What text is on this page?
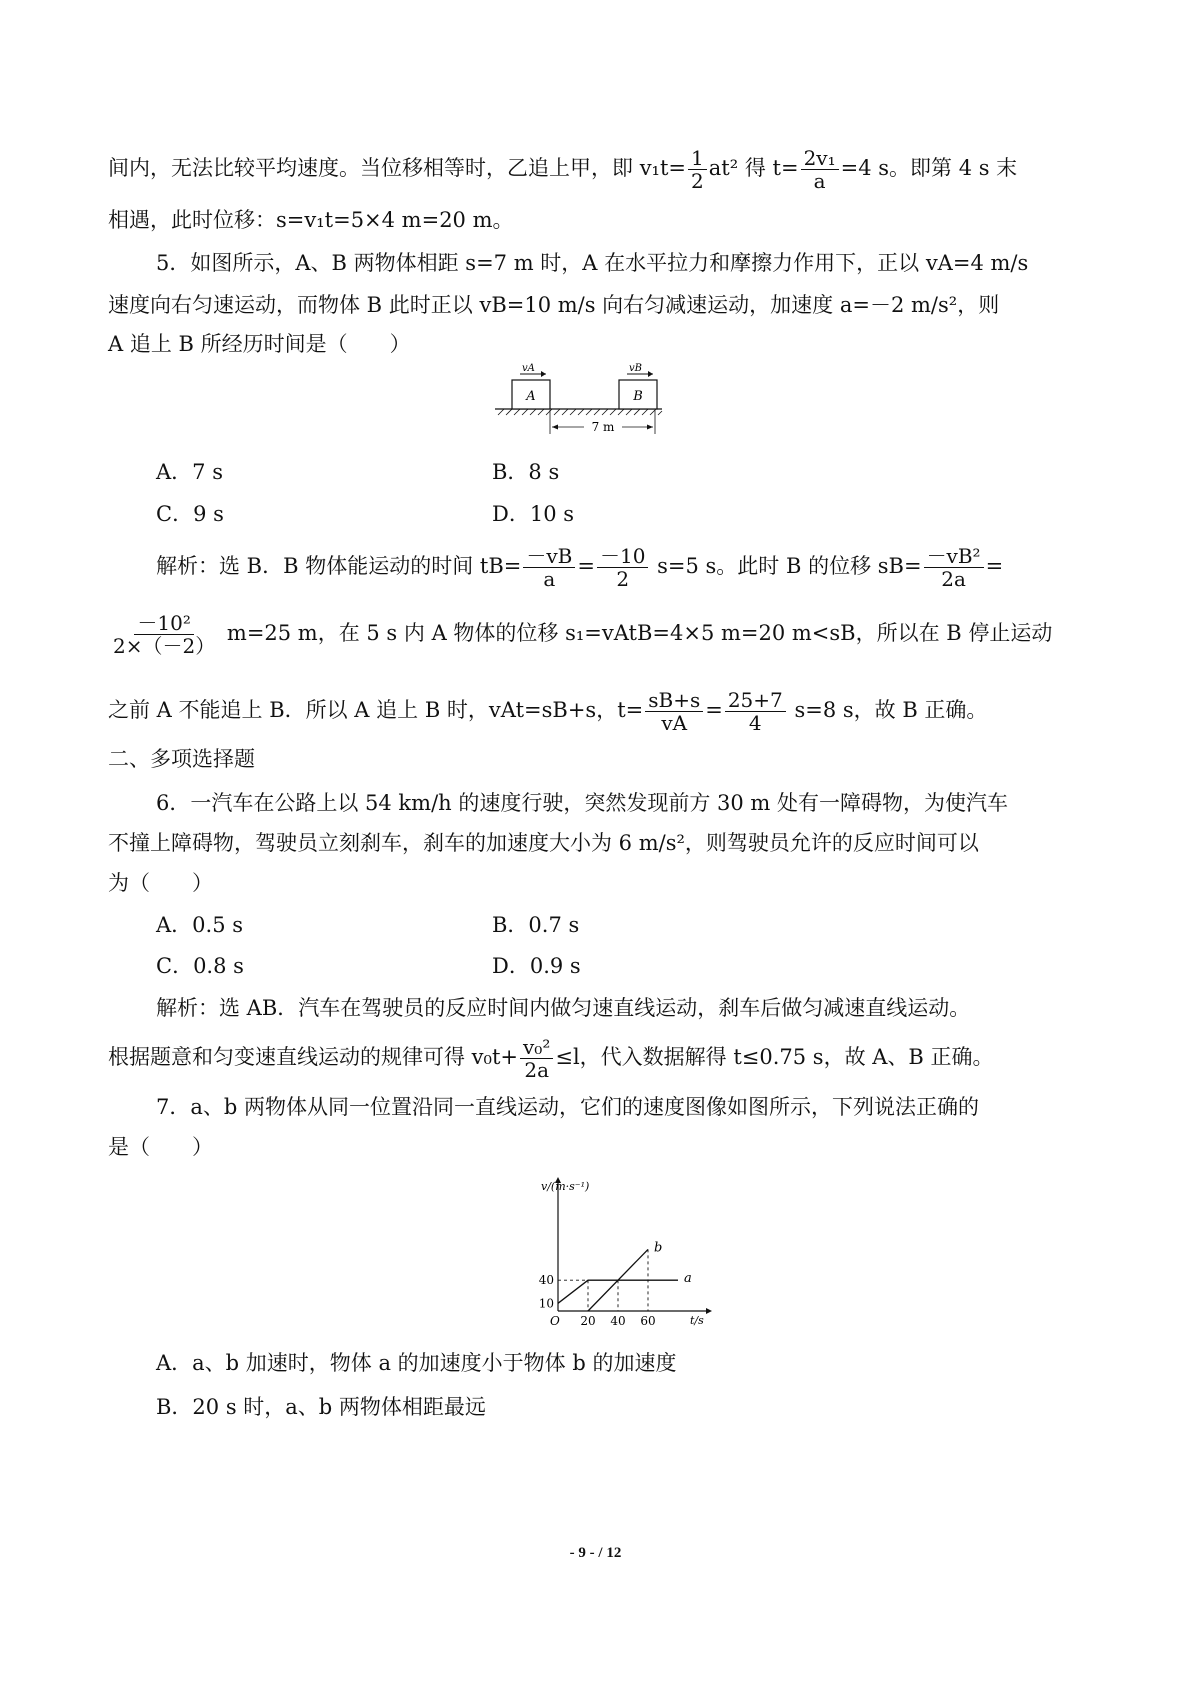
间内，无法比较平均速度。当位移相等时，乙追上甲，即 $v_1t= \frac{1}{2} at^2$ 得 $t= \frac{\text{2v₁}}{a} =4$ s。即第 4 s 末
相遇，此时位移：s=v₁t=5×4 m=20 m。
5．如图所示，A、B 两物体相距 s=7 m 时，A 在水平拉力和摩擦力作用下，正以 vA=4 m/s
速度向右匀速运动，而物体 B 此时正以 vB=10 m/s 向右匀减速运动，加速度 a=－2 m/s²，则
A 追上 B 所经历时间是（　　）
A	B
vA	vB
7 m
A．7 s	B．8 s
C．9 s	D．10 s
解析：选 B．B 物体能运动的时间 $tB= \frac{-vB}{a} = \frac{-10}{2} s=5$ s。此时 B 的位移 $sB= \frac{\text{－vB²}}{2a}$ =
$\frac{\text{－10²}}{2\times(-2)} m=25$ m，在 5 s 内 A 物体的位移 s₁=vAtB=4×5 m=20 m<sB，所以在 B 停止运动
之前 A 不能追上 B．所以 A 追上 B 时，vAt=sB+s，$t= \frac{sB+s}{vA} = \frac{25+7}{4} s=8$ s，故 B 正确。
二、多项选择题
6．一汽车在公路上以 54 km/h 的速度行驶，突然发现前方 30 m 处有一障碍物，为使汽车
不撞上障碍物，驾驶员立刻刹车，刹车的加速度大小为 6 m/s²，则驾驶员允许的反应时间可以
为（　　）
A．0.5 s	B．0.7 s
C．0.8 s	D．0.9 s
解析：选 AB．汽车在驾驶员的反应时间内做匀速直线运动，刹车后做匀减速直线运动。
根据题意和匀变速直线运动的规律可得 $v_0t+ \frac{\text{v₀²}}{2a} \le l$，代入数据解得 t≤0.75 s，故 A、B 正确。
7．a、b 两物体从同一位置沿同一直线运动，它们的速度图像如图所示，下列说法正确的
是（　　）
v/(m·s⁻¹)
t/s
O
40
10
20 40 60
a
b
A．a、b 加速时，物体 a 的加速度小于物体 b 的加速度
B．20 s 时，a、b 两物体相距最远
- 9 - / 12
